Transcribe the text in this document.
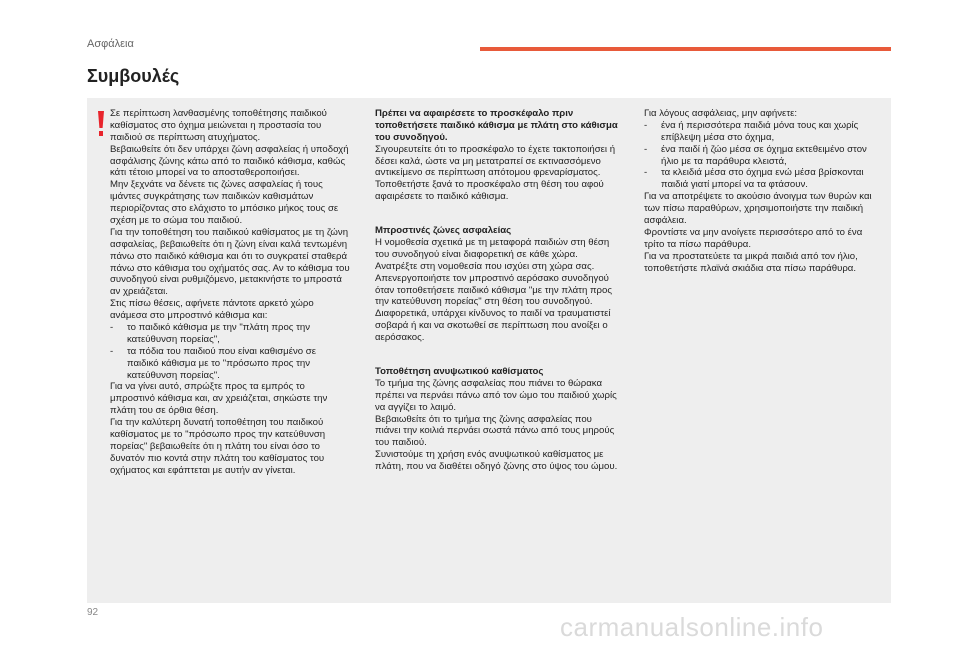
Ασφάλεια
Συμβουλές

Σε περίπτωση λανθασμένης τοποθέτησης παιδικού καθίσματος στο όχημα μειώνεται η προστασία του παιδιού σε περίπτωση ατυχήματος.

Βεβαιωθείτε ότι δεν υπάρχει ζώνη ασφαλείας ή υποδοχή ασφάλισης ζώνης κάτω από το παιδικό κάθισμα, καθώς κάτι τέτοιο μπορεί να το αποσταθεροποιήσει.

Μην ξεχνάτε να δένετε τις ζώνες ασφαλείας ή τους ιμάντες συγκράτησης των παιδικών καθισμάτων περιορίζοντας στο ελάχιστο το μπόσικο μήκος τους σε σχέση με το σώμα του παιδιού.

Για την τοποθέτηση του παιδικού καθίσματος με τη ζώνη ασφαλείας, βεβαιωθείτε ότι η ζώνη είναι καλά τεντωμένη πάνω στο παιδικό κάθισμα και ότι το συγκρατεί σταθερά πάνω στο κάθισμα του οχήματός σας. Αν το κάθισμα του συνοδηγού είναι ρυθμιζόμενο, μετακινήστε το μπροστά αν χρειάζεται.

Στις πίσω θέσεις, αφήνετε πάντοτε αρκετό χώρο ανάμεσα στο μπροστινό κάθισμα και:

- το παιδικό κάθισμα με την "πλάτη προς την κατεύθυνση πορείας",
- τα πόδια του παιδιού που είναι καθισμένο σε παιδικό κάθισμα με το "πρόσωπο προς την κατεύθυνση πορείας".

Για να γίνει αυτό, σπρώξτε προς τα εμπρός το μπροστινό κάθισμα και, αν χρειάζεται, σηκώστε την πλάτη του σε όρθια θέση.

Για την καλύτερη δυνατή τοποθέτηση του παιδικού καθίσματος με το "πρόσωπο προς την κατεύθυνση πορείας" βεβαιωθείτε ότι η πλάτη του είναι όσο το δυνατόν πιο κοντά στην πλάτη του καθίσματος του οχήματος και εφάπτεται με αυτήν αν γίνεται.

Πρέπει να αφαιρέσετε το προσκέφαλο πριν τοποθετήσετε παιδικό κάθισμα με πλάτη στο κάθισμα του συνοδηγού.

Σιγουρευτείτε ότι το προσκέφαλο το έχετε τακτοποιήσει ή δέσει καλά, ώστε να μη μετατραπεί σε εκτινασσόμενο αντικείμενο σε περίπτωση απότομου φρεναρίσματος. Τοποθετήστε ξανά το προσκέφαλο στη θέση του αφού αφαιρέσετε το παιδικό κάθισμα.

Μπροστινές ζώνες ασφαλείας

Η νομοθεσία σχετικά με τη μεταφορά παιδιών στη θέση του συνοδηγού είναι διαφορετική σε κάθε χώρα. Ανατρέξτε στη νομοθεσία που ισχύει στη χώρα σας.

Απενεργοποιήστε τον μπροστινό αερόσακο συνοδηγού όταν τοποθετήσετε παιδικό κάθισμα "με την πλάτη προς την κατεύθυνση πορείας" στη θέση του συνοδηγού.

Διαφορετικά, υπάρχει κίνδυνος το παιδί να τραυματιστεί σοβαρά ή και να σκοτωθεί σε περίπτωση που ανοίξει ο αερόσακος.

Τοποθέτηση ανυψωτικού καθίσματος

Το τμήμα της ζώνης ασφαλείας που πιάνει το θώρακα πρέπει να περνάει πάνω από τον ώμο του παιδιού χωρίς να αγγίζει το λαιμό.

Βεβαιωθείτε ότι το τμήμα της ζώνης ασφαλείας που πιάνει την κοιλιά περνάει σωστά πάνω από τους μηρούς του παιδιού.

Συνιστούμε τη χρήση ενός ανυψωτικού καθίσματος με πλάτη, που να διαθέτει οδηγό ζώνης στο ύψος του ώμου.

Για λόγους ασφάλειας, μην αφήνετε:

- ένα ή περισσότερα παιδιά μόνα τους και χωρίς επίβλεψη μέσα στο όχημα,
- ένα παιδί ή ζώο μέσα σε όχημα εκτεθειμένο στον ήλιο με τα παράθυρα κλειστά,
- τα κλειδιά μέσα στο όχημα ενώ μέσα βρίσκονται παιδιά γιατί μπορεί να τα φτάσουν.

Για να αποτρέψετε το ακούσιο άνοιγμα των θυρών και των πίσω παραθύρων, χρησιμοποιήστε την παιδική ασφάλεια.

Φροντίστε να μην ανοίγετε περισσότερο από το ένα τρίτο τα πίσω παράθυρα.

Για να προστατεύετε τα μικρά παιδιά από τον ήλιο, τοποθετήστε πλαϊνά σκιάδια στα πίσω παράθυρα.

92	carmanualsonline.info
